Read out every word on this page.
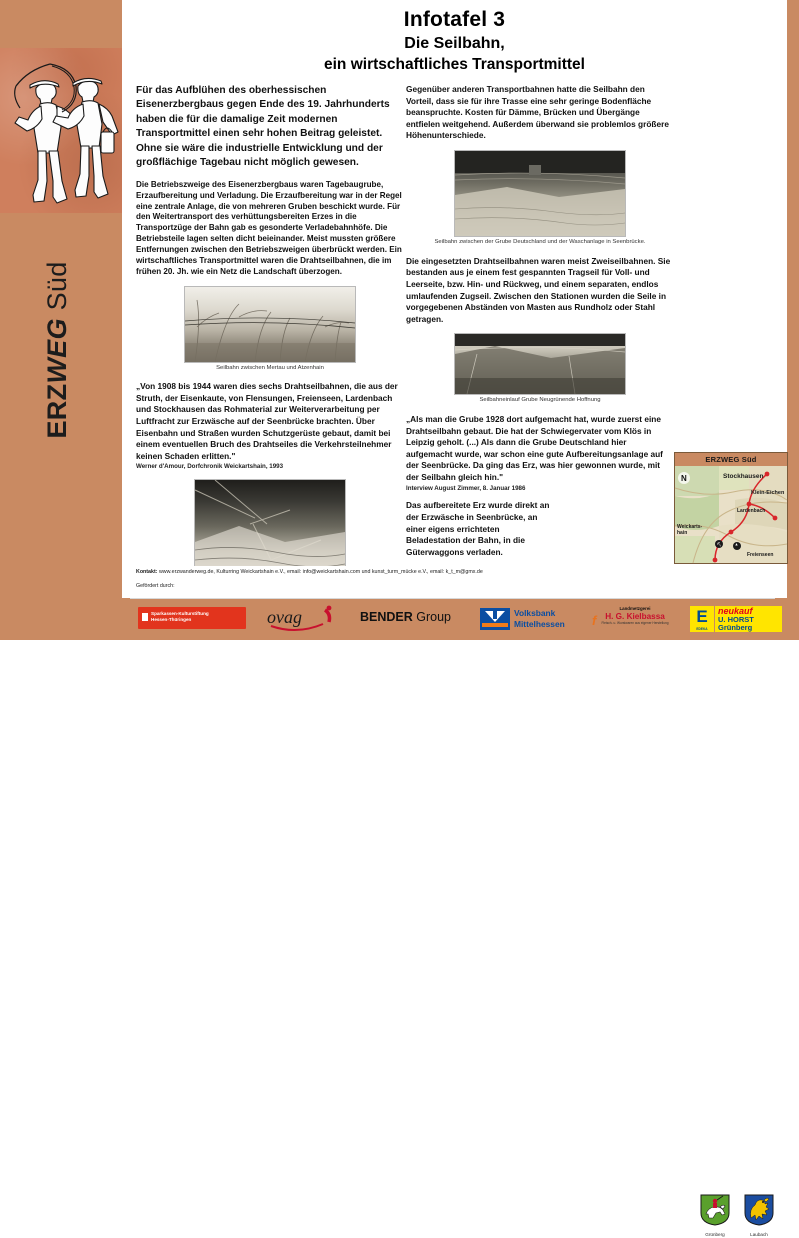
ERZWEG Süd
Infotafel 3
Die Seilbahn,
ein wirtschaftliches Transportmittel

Für das Aufblühen des oberhessischen Eisenerzbergbaus gegen Ende des 19. Jahrhunderts haben die für die damalige Zeit modernen Transportmittel einen sehr hohen Beitrag geleistet. Ohne sie wäre die industrielle Entwicklung und der großflächige Tagebau nicht möglich gewesen.

Die Betriebszweige des Eisenerzbergbaus waren Tagebaugrube, Erzaufbereitung und Verladung. Die Erzaufbereitung war in der Regel eine zentrale Anlage, die von mehreren Gruben beschickt wurde. Für den Weitertransport des verhüttungsbereiten Erzes in die Transportzüge der Bahn gab es gesonderte Verladebahnhöfe. Die Betriebsteile lagen selten dicht beieinander. Meist mussten größere Entfernungen zwischen den Betriebszweigen überbrückt werden. Ein wirtschaftliches Transportmittel waren die Drahtseilbahnen, die im frühen 20. Jh. wie ein Netz die Landschaft überzogen.

Seilbahn zwischen Mertau und Atzenhain

„Von 1908 bis 1944 waren dies sechs Drahtseilbahnen, die aus der Struth, der Eisenkaute, von Flensungen, Freienseen, Lardenbach und Stockhausen das Rohmaterial zur Weiterverarbeitung per Luftfracht zur Erzwäsche auf der Seenbrücke brachten. Über Eisenbahn und Straßen wurden Schutzgerüste gebaut, damit bei einem eventuellen Bruch des Drahtseiles die Verkehrsteilnehmer keinen Schaden erlitten."

Werner d'Amour, Dorfchronik Weickartshain, 1993

Gegenüber anderen Transportbahnen hatte die Seilbahn den Vorteil, dass sie für ihre Trasse eine sehr geringe Bodenfläche beanspruchte. Kosten für Dämme, Brücken und Übergänge entfielen weitgehend. Außerdem überwand sie problemlos größere Höhenunterschiede.

Seilbahn zwischen der Grube Deutschland und der Waschanlage in Seenbrücke.

Die eingesetzten Drahtseilbahnen waren meist Zweiseilbahnen. Sie bestanden aus je einem fest gespannten Tragseil für Voll- und Leerseite, bzw. Hin- und Rückweg, und einem separaten, endlos umlaufenden Zugseil. Zwischen den Stationen wurden die Seile in vorgegebenen Abständen von Masten aus Rundholz oder Stahl getragen.

Seilbahneinlauf Grube Neugrünende Hoffnung

„Als man die Grube 1928 dort aufgemacht hat, wurde zuerst eine Drahtseilbahn gebaut. Die hat der Schwiegervater vom Klös in Leipzig geholt. (...) Als dann die Grube Deutschland hier aufgemacht wurde, war schon eine gute Aufbereitungsanlage auf der Seenbrücke. Da ging das Erz, was hier gewonnen wurde, mit der Seilbahn gleich hin."

Interview August Zimmer, 8. Januar 1986

Das aufbereitete Erz wurde direkt an der Erzwäsche in Seenbrücke, an einer eigens errichteten Beladestation der Bahn, in die Güterwaggons verladen.

ERZWEG Süd
⛏	▲
N	Stockhausen
Klein-Eichen
Lardenbach
Weickarts-
hain
Freienseen
Kontakt: www.erzwanderweg.de, Kulturring Weickartshain e.V., email: info@weickartshain.com und kunst_turm_mücke e.V., email: k_t_m@gmx.de
Gefördert durch:
Sparkassen-Kulturstiftung
Hessen-Thüringen	ovag	BENDER Group	Volksbank
Mittelhessen f
Landmetzgerei
H. G. Kielbassa
Fleisch- u. Wurstwaren aus eigener Herstellung	E
EDEKA
neukauf
U. HORST
Grünberg
Grünberg	Laubach
